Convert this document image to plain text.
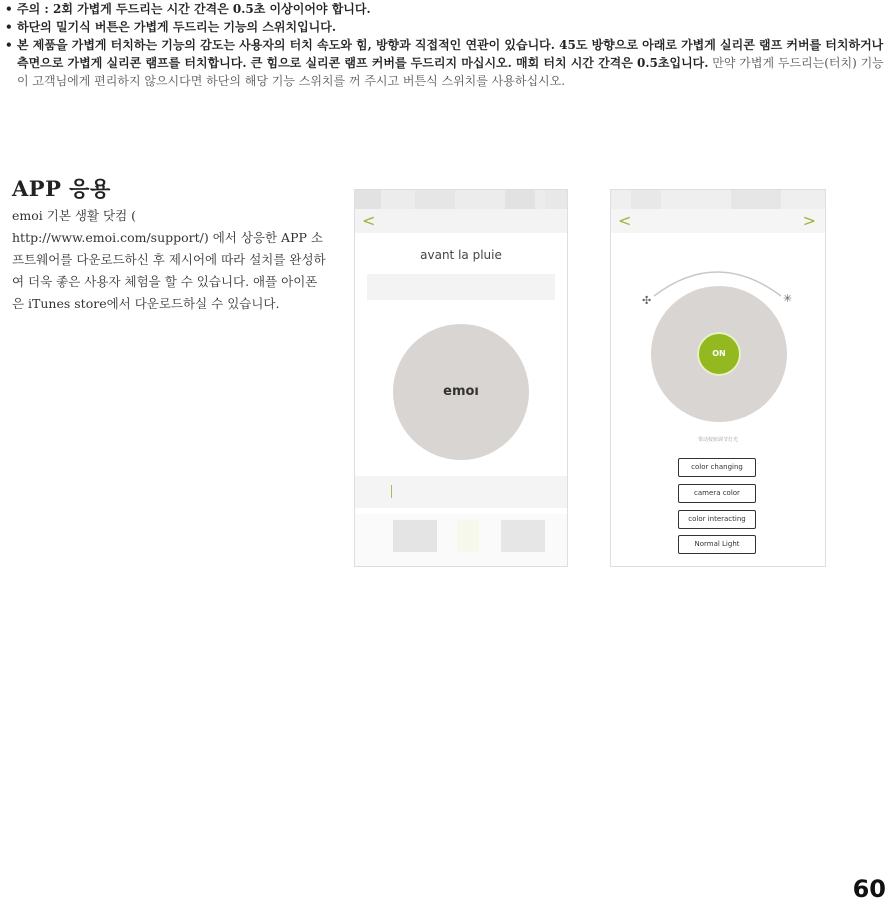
• 주의 : 2회 가볍게 두드리는 시간 간격은 0.5초 이상이어야 합니다.
• 하단의 밀기식 버튼은 가볍게 두드리는 기능의 스위치입니다.
• 본 제품을 가볍게 터치하는 기능의 감도는 사용자의 터치 속도와 힘, 방향과 직접적인 연관이 있습니다. 45도 방향으로 아래로 가볍게 실리콘 램프 커버를 터치하거나 측면으로 가볍게 실리콘 램프를 터치합니다. 큰 힘으로 실리콘 램프 커버를 두드리지 마십시오. 매회 터치 시간 간격은 0.5초입니다. 만약 가볍게 두드리는(터치) 기능이 고객님에게 편리하지 않으시다면 하단의 해당 기능 스위치를 꺼 주시고 버튼식 스위치를 사용하십시오.
APP 응용
emoi 기본 생활 닷컴 ( http://www.emoi.com/support/) 에서 상응한 APP 소프트웨어를 다운로드하신 후 제시어에 따라 설치를 완성하여 더욱 좋은 사용자 체험을 할 수 있습니다. 애플 아이폰은 iTunes store에서 다운로드하실 수 있습니다.
<
avant la pluie
emoı
<	>
✣	✳
ON
带动按钮调节灯光
color changing
camera color
color interacting
Normal Light
60
